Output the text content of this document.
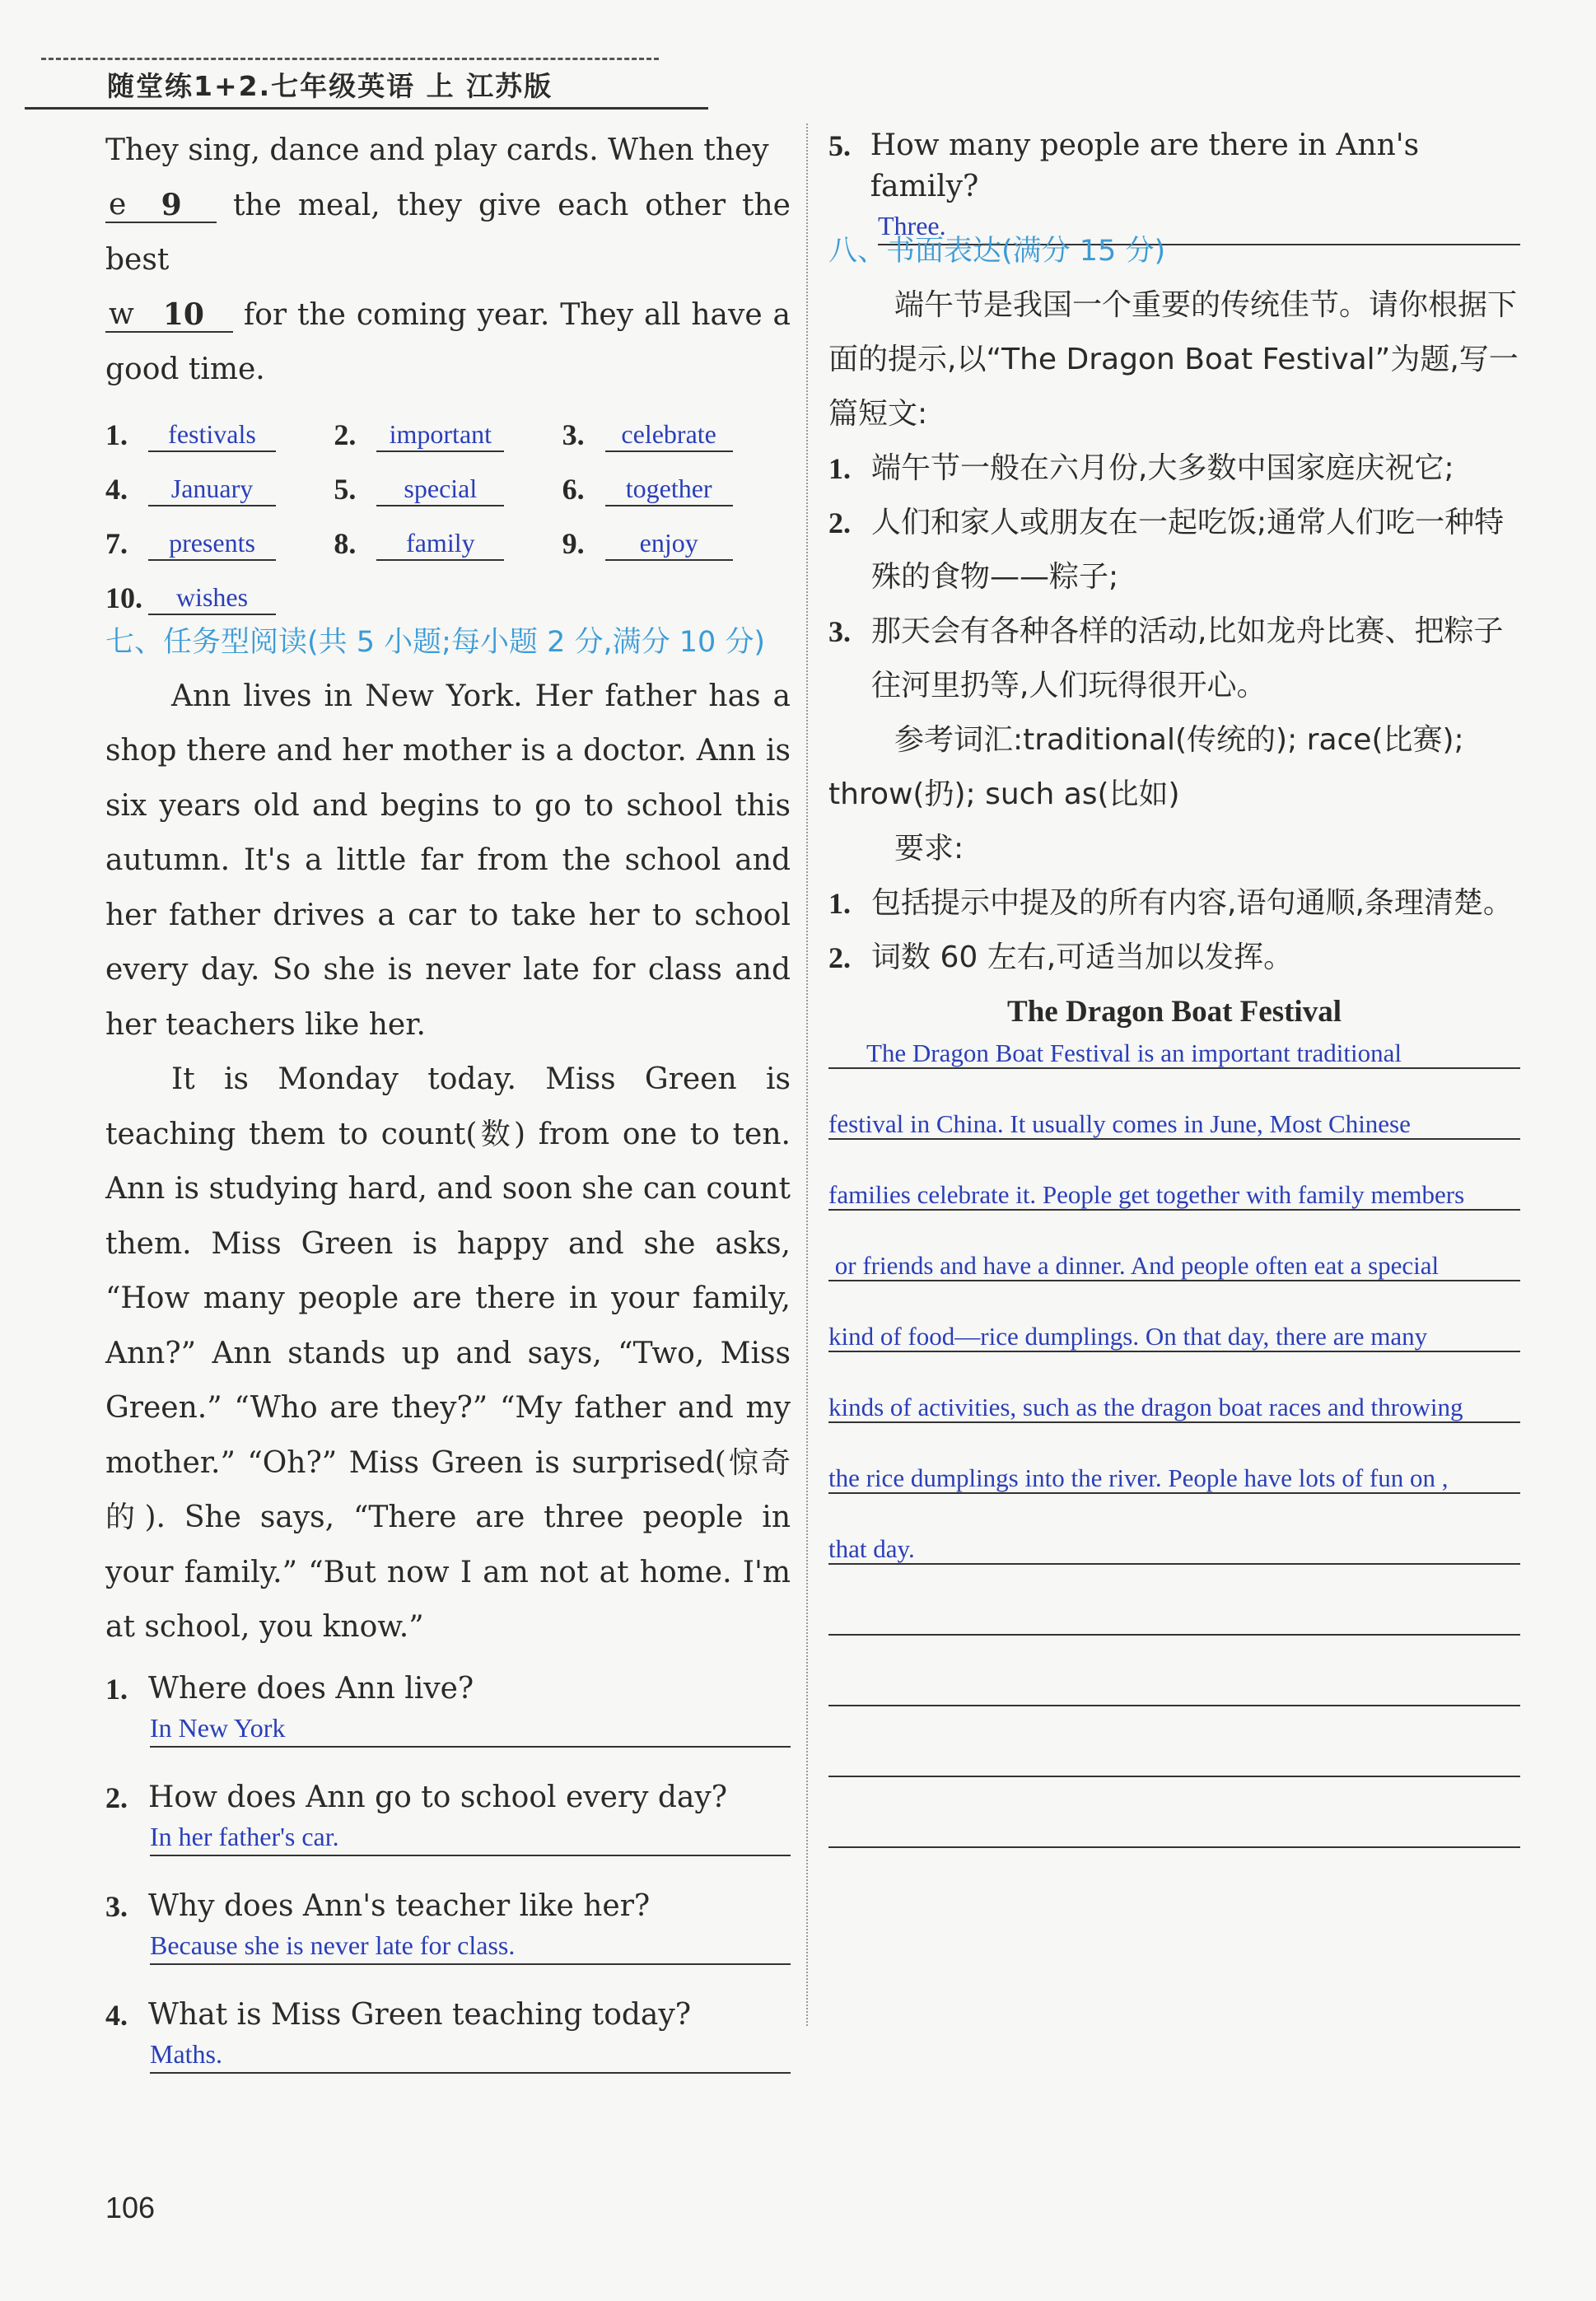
随堂练1+2.七年级英语 上 江苏版

They sing, dance and play cards. When they

e 9 the meal, they give each other the best

w 10 for the coming year. They all have a good time.

1.	festivals	2.	important	3.	celebrate
4.	January	5.	special	6.	together
7.	presents	8.	family	9.	enjoy
10.	wishes

七、任务型阅读(共 5 小题;每小题 2 分,满分 10 分)

Ann lives in New York. Her father has a shop there and her mother is a doctor. Ann is six years old and begins to go to school this autumn. It's a little far from the school and her father drives a car to take her to school every day. So she is never late for class and her teachers like her.

It is Monday today. Miss Green is teaching them to count(数) from one to ten. Ann is studying hard, and soon she can count them. Miss Green is happy and she asks, “How many people are there in your family, Ann?” Ann stands up and says, “Two, Miss Green.” “Who are they?” “My father and my mother.” “Oh?” Miss Green is surprised(惊奇的). She says, “There are three people in your family.” “But now I am not at home. I'm at school, you know.”

1. Where does Ann live?
In New York
2. How does Ann go to school every day?
In her father's car.
3. Why does Ann's teacher like her?
Because she is never late for class.
4. What is Miss Green teaching today?
Maths.
5. How many people are there in Ann's family?
Three.

八、书面表达(满分 15 分)

端午节是我国一个重要的传统佳节。请你根据下面的提示,以“The Dragon Boat Festival”为题,写一篇短文:

1. 端午节一般在六月份,大多数中国家庭庆祝它;
2. 人们和家人或朋友在一起吃饭;通常人们吃一种特殊的食物——粽子;
3. 那天会有各种各样的活动,比如龙舟比赛、把粽子往河里扔等,人们玩得很开心。

参考词汇:traditional(传统的); race(比赛); throw(扔); such as(比如)

要求:

1. 包括提示中提及的所有内容,语句通顺,条理清楚。
2. 词数 60 左右,可适当加以发挥。

The Dragon Boat Festival

The Dragon Boat Festival is an important traditional
festival in China. It usually comes in June, Most Chinese
families celebrate it. People get together with family members
or friends and have a dinner. And people often eat a special
kind of food—rice dumplings. On that day, there are many
kinds of activities, such as the dragon boat races and throwing
the rice dumplings into the river. People have lots of fun on ,
that day.
106
